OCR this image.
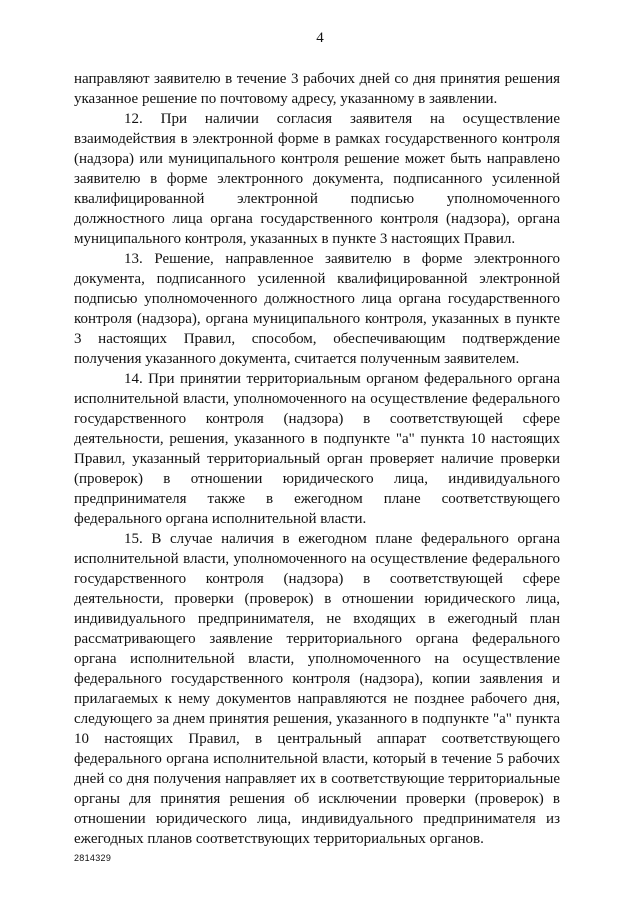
4

направляют заявителю в течение 3 рабочих дней со дня принятия решения указанное решение по почтовому адресу, указанному в заявлении.

12. При наличии согласия заявителя на осуществление взаимодействия в электронной форме в рамках государственного контроля (надзора) или муниципального контроля решение может быть направлено заявителю в форме электронного документа, подписанного усиленной квалифицированной электронной подписью уполномоченного должностного лица органа государственного контроля (надзора), органа муниципального контроля, указанных в пункте 3 настоящих Правил.

13. Решение, направленное заявителю в форме электронного документа, подписанного усиленной квалифицированной электронной подписью уполномоченного должностного лица органа государственного контроля (надзора), органа муниципального контроля, указанных в пункте 3 настоящих Правил, способом, обеспечивающим подтверждение получения указанного документа, считается полученным заявителем.

14. При принятии территориальным органом федерального органа исполнительной власти, уполномоченного на осуществление федерального государственного контроля (надзора) в соответствующей сфере деятельности, решения, указанного в подпункте "а" пункта 10 настоящих Правил, указанный территориальный орган проверяет наличие проверки (проверок) в отношении юридического лица, индивидуального предпринимателя также в ежегодном плане соответствующего федерального органа исполнительной власти.

15. В случае наличия в ежегодном плане федерального органа исполнительной власти, уполномоченного на осуществление федерального государственного контроля (надзора) в соответствующей сфере деятельности, проверки (проверок) в отношении юридического лица, индивидуального предпринимателя, не входящих в ежегодный план рассматривающего заявление территориального органа федерального органа исполнительной власти, уполномоченного на осуществление федерального государственного контроля (надзора), копии заявления и прилагаемых к нему документов направляются не позднее рабочего дня, следующего за днем принятия решения, указанного в подпункте "а" пункта 10 настоящих Правил, в центральный аппарат соответствующего федерального органа исполнительной власти, который в течение 5 рабочих дней со дня получения направляет их в соответствующие территориальные органы для принятия решения об исключении проверки (проверок) в отношении юридического лица, индивидуального предпринимателя из ежегодных планов соответствующих территориальных органов.

2814329
